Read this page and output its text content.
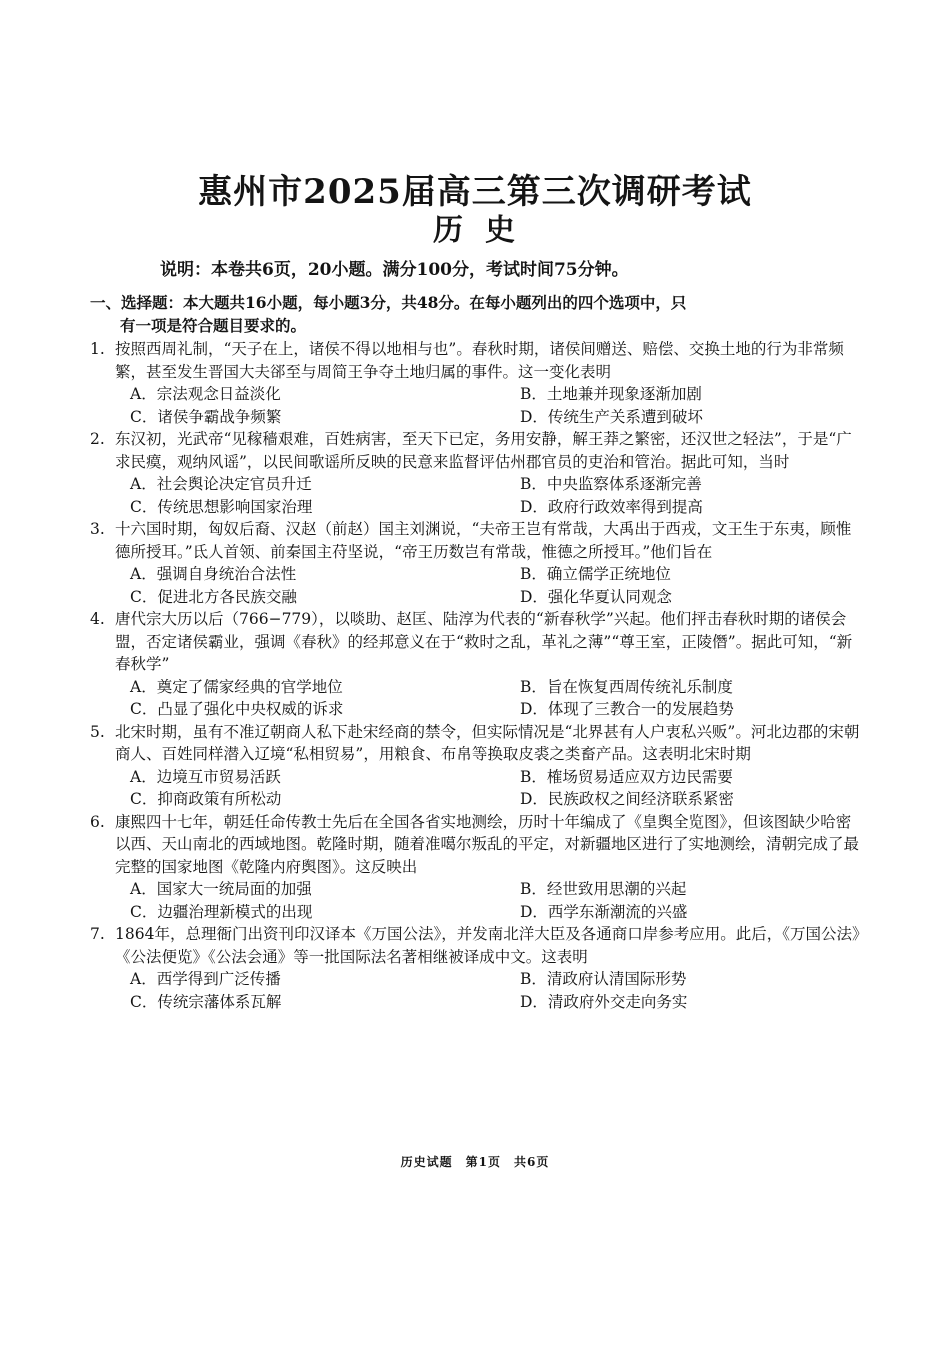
惠州市2025届高三第三次调研考试
历史
说明：本卷共6页，20小题。满分100分，考试时间75分钟。
一、选择题：本大题共16小题，每小题3分，共48分。在每小题列出的四个选项中，只
有一项是符合题目要求的。
1. 按照西周礼制，“天子在上，诸侯不得以地相与也”。春秋时期，诸侯间赠送、赔偿、交换土地的行为非常频繁，甚至发生晋国大夫郤至与周简王争夺土地归属的事件。这一变化表明
A．宗法观念日益淡化	B．土地兼并现象逐渐加剧
C．诸侯争霸战争频繁	D．传统生产关系遭到破坏
2. 东汉初，光武帝“见稼穑艰难，百姓病害，至天下已定，务用安静，解王莽之繁密，还汉世之轻法”，于是“广求民瘼，观纳风谣”，以民间歌谣所反映的民意来监督评估州郡官员的吏治和管治。据此可知，当时
A．社会舆论决定官员升迁	B．中央监察体系逐渐完善
C．传统思想影响国家治理	D．政府行政效率得到提高
3. 十六国时期，匈奴后裔、汉赵（前赵）国主刘渊说，“夫帝王岂有常哉，大禹出于西戎，文王生于东夷，顾惟德所授耳。”氐人首领、前秦国主苻坚说，“帝王历数岂有常哉，惟德之所授耳。”他们旨在
A．强调自身统治合法性	B．确立儒学正统地位
C．促进北方各民族交融	D．强化华夏认同观念
4. 唐代宗大历以后（766−779），以啖助、赵匡、陆淳为代表的“新春秋学”兴起。他们抨击春秋时期的诸侯会盟，否定诸侯霸业，强调《春秋》的经邦意义在于“救时之乱，革礼之薄”“尊王室，正陵僭”。据此可知，“新春秋学”
A．奠定了儒家经典的官学地位	B．旨在恢复西周传统礼乐制度
C．凸显了强化中央权威的诉求	D．体现了三教合一的发展趋势
5. 北宋时期，虽有不准辽朝商人私下赴宋经商的禁令，但实际情况是“北界甚有人户衷私兴贩”。河北边郡的宋朝商人、百姓同样潜入辽境“私相贸易”，用粮食、布帛等换取皮裘之类畜产品。这表明北宋时期
A．边境互市贸易活跃	B．榷场贸易适应双方边民需要
C．抑商政策有所松动	D．民族政权之间经济联系紧密
6. 康熙四十七年，朝廷任命传教士先后在全国各省实地测绘，历时十年编成了《皇舆全览图》，但该图缺少哈密以西、天山南北的西域地图。乾隆时期，随着准噶尔叛乱的平定，对新疆地区进行了实地测绘，清朝完成了最完整的国家地图《乾隆内府舆图》。这反映出
A．国家大一统局面的加强	B．经世致用思潮的兴起
C．边疆治理新模式的出现	D．西学东渐潮流的兴盛
7. 1864年，总理衙门出资刊印汉译本《万国公法》，并发南北洋大臣及各通商口岸参考应用。此后，《万国公法》《公法便览》《公法会通》等一批国际法名著相继被译成中文。这表明
A．西学得到广泛传播	B．清政府认清国际形势
C．传统宗藩体系瓦解	D．清政府外交走向务实
历史试题　第1页　共6页
